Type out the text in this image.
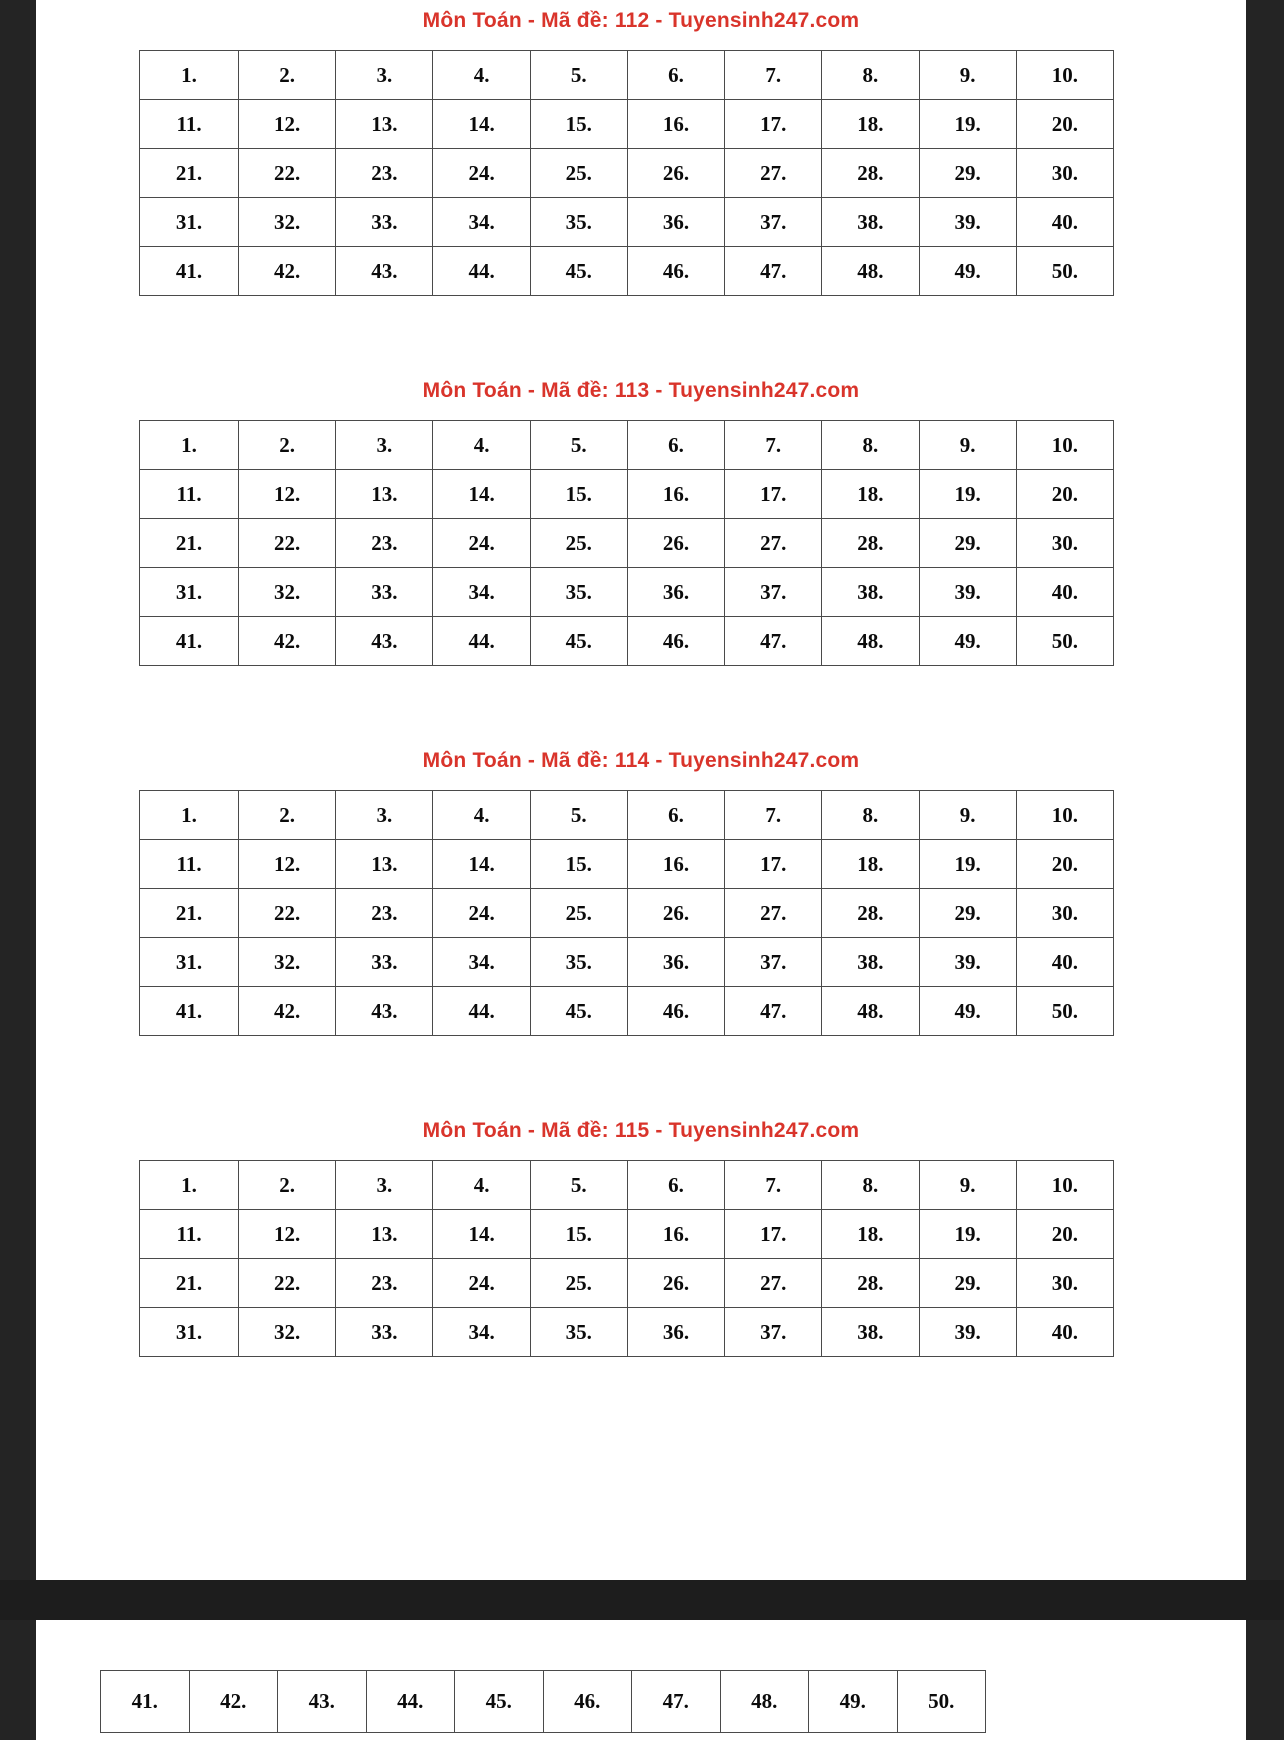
Môn Toán - Mã đề: 112 - Tuyensinh247.com
1.	2.	3.	4.	5.	6.	7.	8.	9.	10.
11.	12.	13.	14.	15.	16.	17.	18.	19.	20.
21.	22.	23.	24.	25.	26.	27.	28.	29.	30.
31.	32.	33.	34.	35.	36.	37.	38.	39.	40.
41.	42.	43.	44.	45.	46.	47.	48.	49.	50.
Môn Toán - Mã đề: 113 - Tuyensinh247.com
1.	2.	3.	4.	5.	6.	7.	8.	9.	10.
11.	12.	13.	14.	15.	16.	17.	18.	19.	20.
21.	22.	23.	24.	25.	26.	27.	28.	29.	30.
31.	32.	33.	34.	35.	36.	37.	38.	39.	40.
41.	42.	43.	44.	45.	46.	47.	48.	49.	50.
Môn Toán - Mã đề: 114 - Tuyensinh247.com
1.	2.	3.	4.	5.	6.	7.	8.	9.	10.
11.	12.	13.	14.	15.	16.	17.	18.	19.	20.
21.	22.	23.	24.	25.	26.	27.	28.	29.	30.
31.	32.	33.	34.	35.	36.	37.	38.	39.	40.
41.	42.	43.	44.	45.	46.	47.	48.	49.	50.
Môn Toán - Mã đề: 115 - Tuyensinh247.com
1.	2.	3.	4.	5.	6.	7.	8.	9.	10.
11.	12.	13.	14.	15.	16.	17.	18.	19.	20.
21.	22.	23.	24.	25.	26.	27.	28.	29.	30.
31.	32.	33.	34.	35.	36.	37.	38.	39.	40.
41.	42.	43.	44.	45.	46.	47.	48.	49.	50.
